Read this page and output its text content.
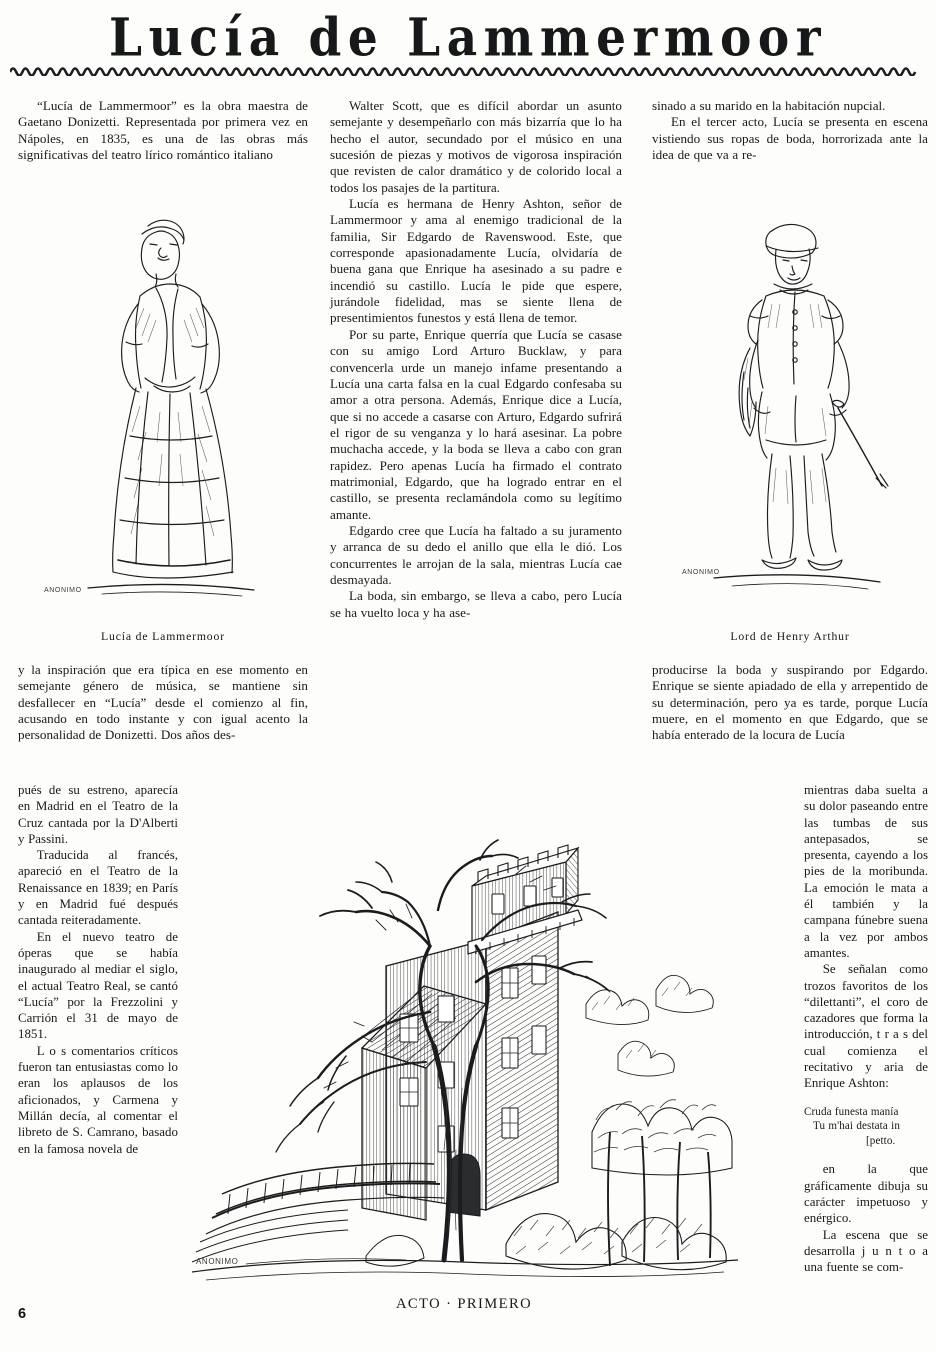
Lucía de Lammermoor

“Lucía de Lammermoor” es la obra maestra de Gaetano Donizetti. Representada por primera vez en Nápoles, en 1835, es una de las obras más significativas del teatro lírico romántico italiano

Walter Scott, que es difícil abordar un asunto semejante y desempeñarlo con más bizarría que lo ha hecho el autor, secundado por el músico en una sucesión de piezas y motivos de vigorosa inspiración que revisten de calor dramático y de colorido local a todos los pasajes de la partitura.

Lucía es hermana de Henry Ashton, señor de Lammermoor y ama al enemigo tradicional de la familia, Sir Edgardo de Ravenswood. Este, que corresponde apasionadamente Lucía, olvidaría de buena gana que Enrique ha asesinado a su padre e incendió su castillo. Lucía le pide que espere, jurándole fidelidad, mas se siente llena de presentimientos funestos y está llena de temor.

Por su parte, Enrique querría que Lucía se casase con su amigo Lord Arturo Bucklaw, y para convencerla urde un manejo infame presentando a Lucía una carta falsa en la cual Edgardo confesaba su amor a otra persona. Además, Enrique dice a Lucía, que si no accede a casarse con Arturo, Edgardo sufrirá el rigor de su venganza y lo hará asesinar. La pobre muchacha accede, y la boda se lleva a cabo con gran rapidez. Pero apenas Lucía ha firmado el contrato matrimonial, Edgardo, que ha logrado entrar en el castillo, se presenta reclamándola como su legítimo amante.

Edgardo cree que Lucía ha faltado a su juramento y arranca de su dedo el anillo que ella le dió. Los concurrentes le arrojan de la sala, mientras Lucía cae desmayada.

La boda, sin embargo, se lleva a cabo, pero Lucía se ha vuelto loca y ha ase-

sinado a su marido en la habitación nupcial.

En el tercer acto, Lucía se presenta en escena vistiendo sus ropas de boda, horrorizada ante la idea de que va a re-

ANONIMO
Lucía de Lammermoor
ANONIMO
Lord de Henry Arthur

y la inspiración que era típica en ese momento en semejante género de música, se mantiene sin desfallecer en “Lucía” desde el comienzo al fin, acusando en todo instante y con igual acento la personalidad de Donizetti. Dos años des-

producirse la boda y suspirando por Edgardo. Enrique se siente apiadado de ella y arrepentido de su determinación, pero ya es tarde, porque Lucía muere, en el momento en que Edgardo, que se había enterado de la locura de Lucía

pués de su estreno, aparecía en Madrid en el Teatro de la Cruz cantada por la D'Alberti y Passini.

Traducida al francés, apareció en el Teatro de la Renaissance en 1839; en París y en Madrid fué después cantada reiteradamente.

En el nuevo teatro de óperas que se había inaugurado al mediar el siglo, el actual Teatro Real, se cantó “Lucía” por la Frezzolini y Carrión el 31 de mayo de 1851.

L o s comentarios críticos fueron tan entusiastas como lo eran los aplausos de los aficionados, y Carmena y Millán decía, al comentar el libreto de S. Camrano, basado en la famosa novela de

mientras daba suelta a su dolor paseando entre las tumbas de sus antepasados, se presenta, cayendo a los pies de la moribunda. La emoción le mata a él también y la campana fúnebre suena a la vez por ambos amantes.

Se señalan como trozos favoritos de los “dilettanti”, el coro de cazadores que forma la introducción, t r a s del cual comienza el recitativo y aria de Enrique Ashton:

Cruda funesta manía
Tu m'hai destata in
[petto.

en la que gráficamente dibuja su carácter impetuoso y enérgico.

La escena que se desarrolla j u n t o a una fuente se com-

ANONIMO
ACTO · PRIMERO
6
